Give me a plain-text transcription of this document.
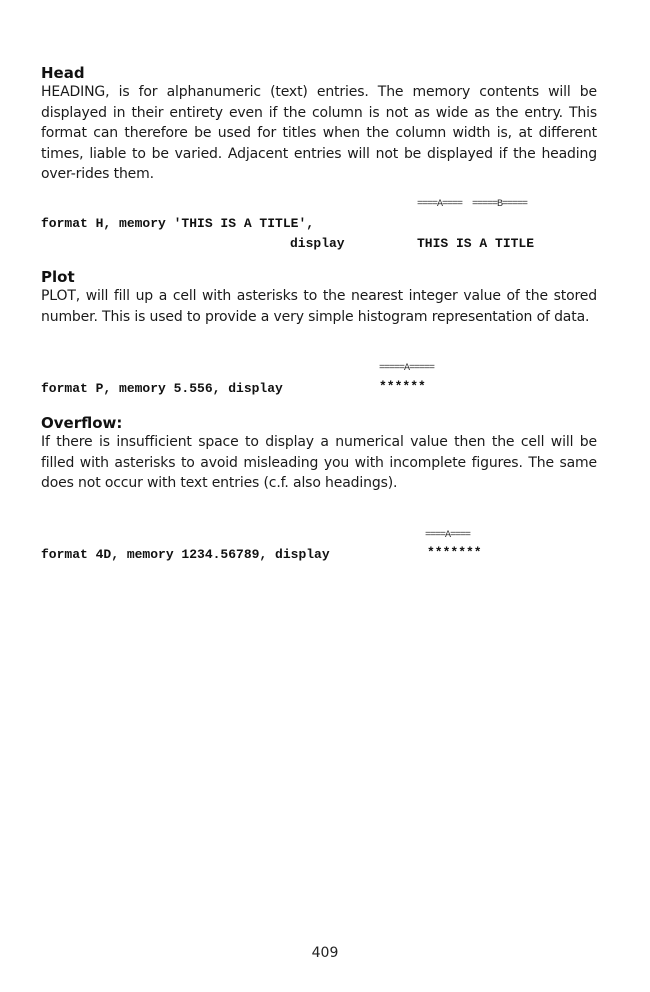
Head

HEADING, is for alphanumeric (text) entries. The memory contents will be displayed in their entirety even if the column is not as wide as the entry. This format can therefore be used for titles when the column width is, at different times, liable to be varied. Adjacent entries will not be displayed if the heading over-rides them.

====A====  =====B=====
format H, memory 'THIS IS A TITLE',
display	THIS IS A TITLE
Plot

PLOT, will fill up a cell with asterisks to the nearest integer value of the stored number. This is used to provide a very simple histogram representation of data.

=====A=====
format P, memory 5.556, display	******
Overflow:

If there is insufficient space to display a numerical value then the cell will be filled with asterisks to avoid misleading you with incomplete figures. The same does not occur with text entries (c.f. also headings).

====A====
format 4D, memory 1234.56789, display	*******
409
